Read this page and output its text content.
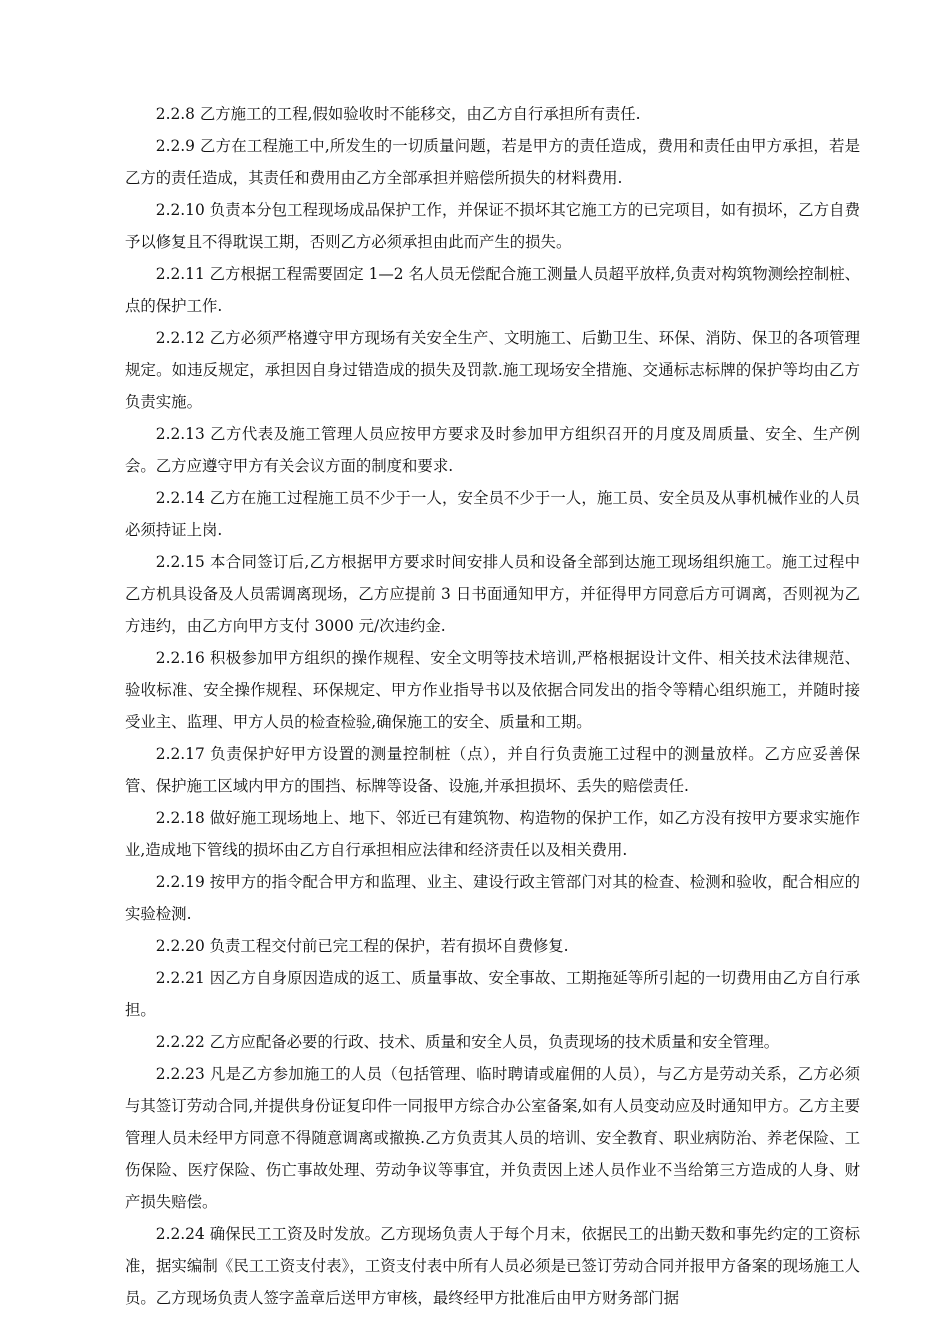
2.2.8 乙方施工的工程,假如验收时不能移交，由乙方自行承担所有责任.

2.2.9 乙方在工程施工中,所发生的一切质量问题，若是甲方的责任造成，费用和责任由甲方承担，若是乙方的责任造成，其责任和费用由乙方全部承担并赔偿所损失的材料费用.

2.2.10 负责本分包工程现场成品保护工作，并保证不损坏其它施工方的已完项目，如有损坏，乙方自费予以修复且不得耽误工期，否则乙方必须承担由此而产生的损失。

2.2.11 乙方根据工程需要固定 1—2 名人员无偿配合施工测量人员超平放样,负责对构筑物测绘控制桩、点的保护工作.

2.2.12 乙方必须严格遵守甲方现场有关安全生产、文明施工、后勤卫生、环保、消防、保卫的各项管理规定。如违反规定，承担因自身过错造成的损失及罚款.施工现场安全措施、交通标志标牌的保护等均由乙方负责实施。

2.2.13 乙方代表及施工管理人员应按甲方要求及时参加甲方组织召开的月度及周质量、安全、生产例会。乙方应遵守甲方有关会议方面的制度和要求.

2.2.14 乙方在施工过程施工员不少于一人，安全员不少于一人，施工员、安全员及从事机械作业的人员必须持证上岗.

2.2.15 本合同签订后,乙方根据甲方要求时间安排人员和设备全部到达施工现场组织施工。施工过程中乙方机具设备及人员需调离现场，乙方应提前 3 日书面通知甲方，并征得甲方同意后方可调离，否则视为乙方违约，由乙方向甲方支付 3000 元/次违约金.

2.2.16 积极参加甲方组织的操作规程、安全文明等技术培训,严格根据设计文件、相关技术法律规范、验收标准、安全操作规程、环保规定、甲方作业指导书以及依据合同发出的指令等精心组织施工，并随时接受业主、监理、甲方人员的检查检验,确保施工的安全、质量和工期。

2.2.17 负责保护好甲方设置的测量控制桩（点），并自行负责施工过程中的测量放样。乙方应妥善保管、保护施工区域内甲方的围挡、标牌等设备、设施,并承担损坏、丢失的赔偿责任.

2.2.18 做好施工现场地上、地下、邻近已有建筑物、构造物的保护工作，如乙方没有按甲方要求实施作业,造成地下管线的损坏由乙方自行承担相应法律和经济责任以及相关费用.

2.2.19 按甲方的指令配合甲方和监理、业主、建设行政主管部门对其的检查、检测和验收，配合相应的实验检测.

2.2.20 负责工程交付前已完工程的保护，若有损坏自费修复.

2.2.21 因乙方自身原因造成的返工、质量事故、安全事故、工期拖延等所引起的一切费用由乙方自行承担。

2.2.22 乙方应配备必要的行政、技术、质量和安全人员，负责现场的技术质量和安全管理。

2.2.23 凡是乙方参加施工的人员（包括管理、临时聘请或雇佣的人员），与乙方是劳动关系，乙方必须与其签订劳动合同,并提供身份证复印件一同报甲方综合办公室备案,如有人员变动应及时通知甲方。乙方主要管理人员未经甲方同意不得随意调离或撤换.乙方负责其人员的培训、安全教育、职业病防治、养老保险、工伤保险、医疗保险、伤亡事故处理、劳动争议等事宜，并负责因上述人员作业不当给第三方造成的人身、财产损失赔偿。

2.2.24 确保民工工资及时发放。乙方现场负责人于每个月末，依据民工的出勤天数和事先约定的工资标准，据实编制《民工工资支付表》，工资支付表中所有人员必须是已签订劳动合同并报甲方备案的现场施工人员。乙方现场负责人签字盖章后送甲方审核，最终经甲方批准后由甲方财务部门据
